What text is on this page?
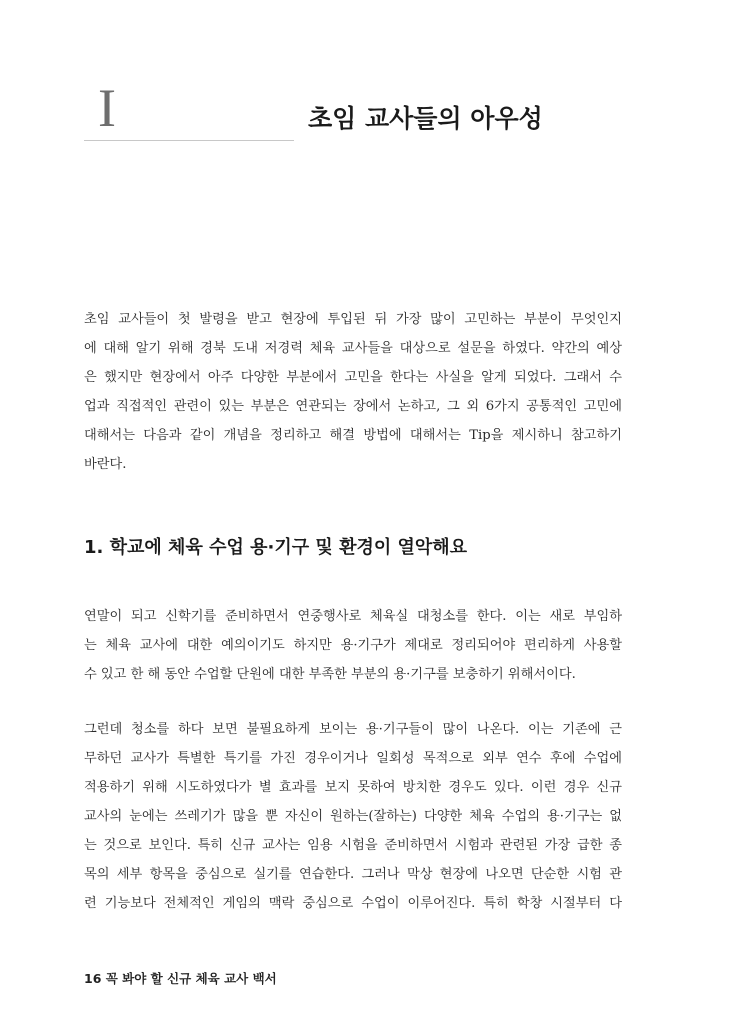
I	초임 교사들의 아우성
초임 교사들이 첫 발령을 받고 현장에 투입된 뒤 가장 많이 고민하는 부분이 무엇인지
에 대해 알기 위해 경북 도내 저경력 체육 교사들을 대상으로 설문을 하였다. 약간의 예상
은 했지만 현장에서 아주 다양한 부분에서 고민을 한다는 사실을 알게 되었다. 그래서 수
업과 직접적인 관련이 있는 부분은 연관되는 장에서 논하고, 그 외 6가지 공통적인 고민에
대해서는 다음과 같이 개념을 정리하고 해결 방법에 대해서는 Tip을 제시하니 참고하기
바란다.
1. 학교에 체육 수업 용·기구 및 환경이 열악해요
연말이 되고 신학기를 준비하면서 연중행사로 체육실 대청소를 한다. 이는 새로 부임하
는 체육 교사에 대한 예의이기도 하지만 용·기구가 제대로 정리되어야 편리하게 사용할
수 있고 한 해 동안 수업할 단원에 대한 부족한 부분의 용·기구를 보충하기 위해서이다.
그런데 청소를 하다 보면 불필요하게 보이는 용·기구들이 많이 나온다. 이는 기존에 근
무하던 교사가 특별한 특기를 가진 경우이거나 일회성 목적으로 외부 연수 후에 수업에
적용하기 위해 시도하였다가 별 효과를 보지 못하여 방치한 경우도 있다. 이런 경우 신규
교사의 눈에는 쓰레기가 많을 뿐 자신이 원하는(잘하는) 다양한 체육 수업의 용·기구는 없
는 것으로 보인다. 특히 신규 교사는 임용 시험을 준비하면서 시험과 관련된 가장 급한 종
목의 세부 항목을 중심으로 실기를 연습한다. 그러나 막상 현장에 나오면 단순한 시험 관
련 기능보다 전체적인 게임의 맥락 중심으로 수업이 이루어진다. 특히 학창 시절부터 다
16 꼭 봐야 할 신규 체육 교사 백서
